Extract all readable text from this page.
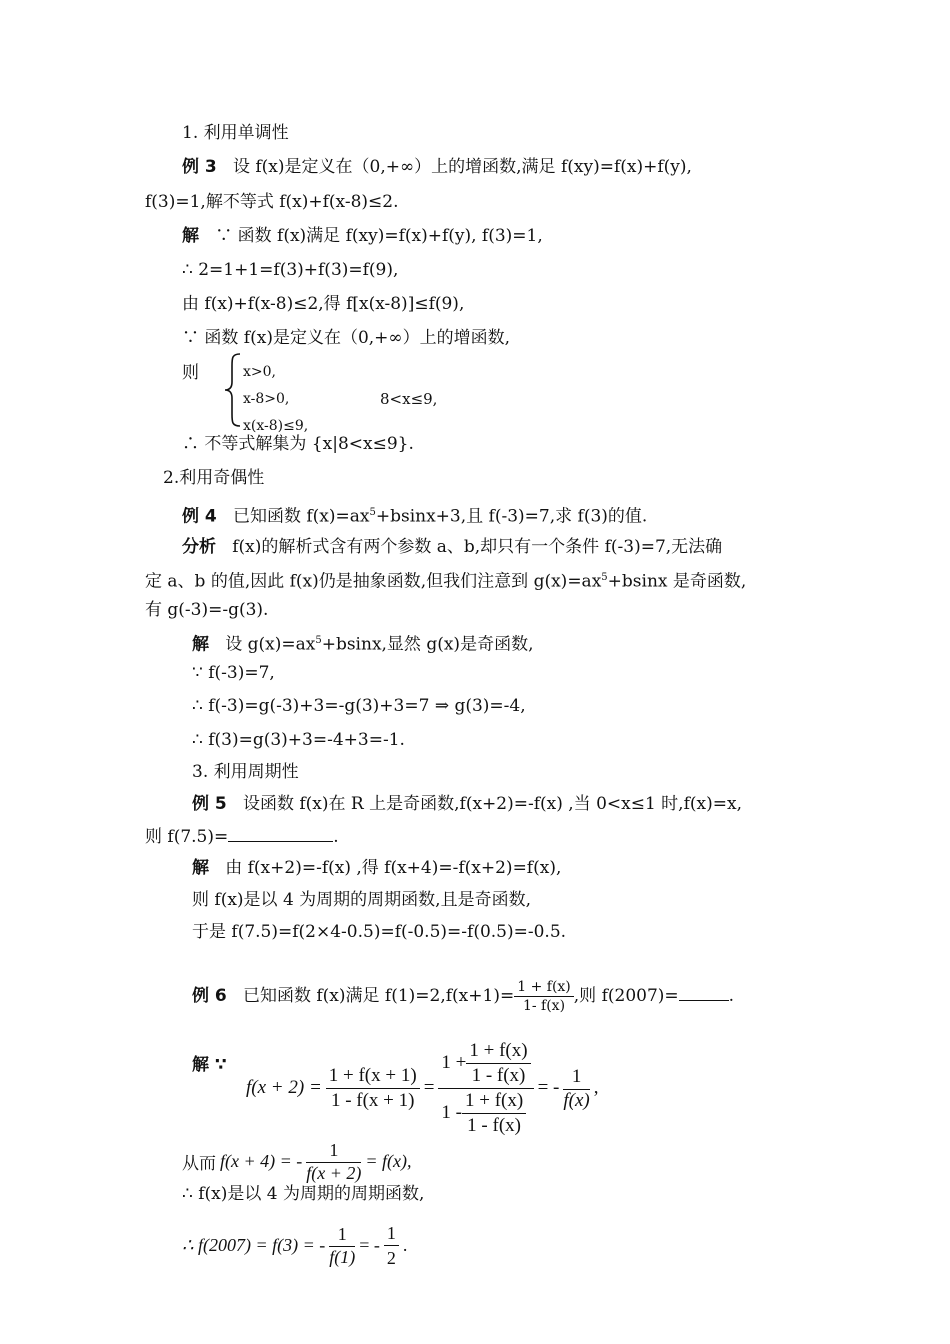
1. 利用单调性
例 3 设 f(x)是定义在（0,+∞）上的增函数,满足 f(xy)=f(x)+f(y),
f(3)=1,解不等式 f(x)+f(x-8)≤2.
解 ∵ 函数 f(x)满足 f(xy)=f(x)+f(y), f(3)=1,
∴ 2=1+1=f(3)+f(3)=f(9),
由 f(x)+f(x-8)≤2,得 f[x(x-8)]≤f(9),
∵ 函数 f(x)是定义在（0,+∞）上的增函数,
则	x>0,
x-8>0,
x(x-8)≤9,
8<x≤9,
∴ 不等式解集为 {x|8<x≤9}.
2.利用奇偶性
例 4 已知函数 $f(x)=ax^5+bsinx+3$,且 f(-3)=7,求 f(3)的值.
分析 f(x)的解析式含有两个参数 a、b,却只有一个条件 f(-3)=7,无法确
定 a、b 的值,因此 f(x)仍是抽象函数,但我们注意到 $g(x)=ax^5+bsinx$ 是奇函数,
有 g(-3)=-g(3).
解 设 $g(x)=ax^5+bsinx$,显然 g(x)是奇函数,
∵ f(-3)=7,
∴ f(-3)=g(-3)+3=-g(3)+3=7 ⇒ g(3)=-4,
∴ f(3)=g(3)+3=-4+3=-1.
3. 利用周期性
例 5 设函数 f(x)在 R 上是奇函数,f(x+2)=-f(x) ,当 0<x≤1 时,f(x)=x,
则 f(7.5)=	.
解 由 f(x+2)=-f(x) ,得 f(x+4)=-f(x+2)=f(x),
则 f(x)是以 4 为周期的周期函数,且是奇函数,
于是 f(7.5)=f(2×4-0.5)=f(-0.5)=-f(0.5)=-0.5.
例 6 已知函数 f(x)满足 $f(1)=2,f(x+1)= \frac{1 + f(x)}{1- f(x)}$ ,则 f(2007)=	.
解 ∵
$f(x + 2) = \frac{1 + f(x + 1)}{1 - f(x + 1)} = \frac{1 + \frac{1 + f(x)}{1 - f(x)}}{1 - \frac{1 + f(x)}{1 - f(x)}}$ = - $\frac{1}{f(x)}$ ,
从而 f(x + 4) = - $\frac{1}{f(x + 2)} = f(x)$,
∴ f(x)是以 4 为周期的周期函数,
∴ f(2007) = f(3) = - $\frac{1}{f(1)}$ = - $\frac{1}{2}$ .
